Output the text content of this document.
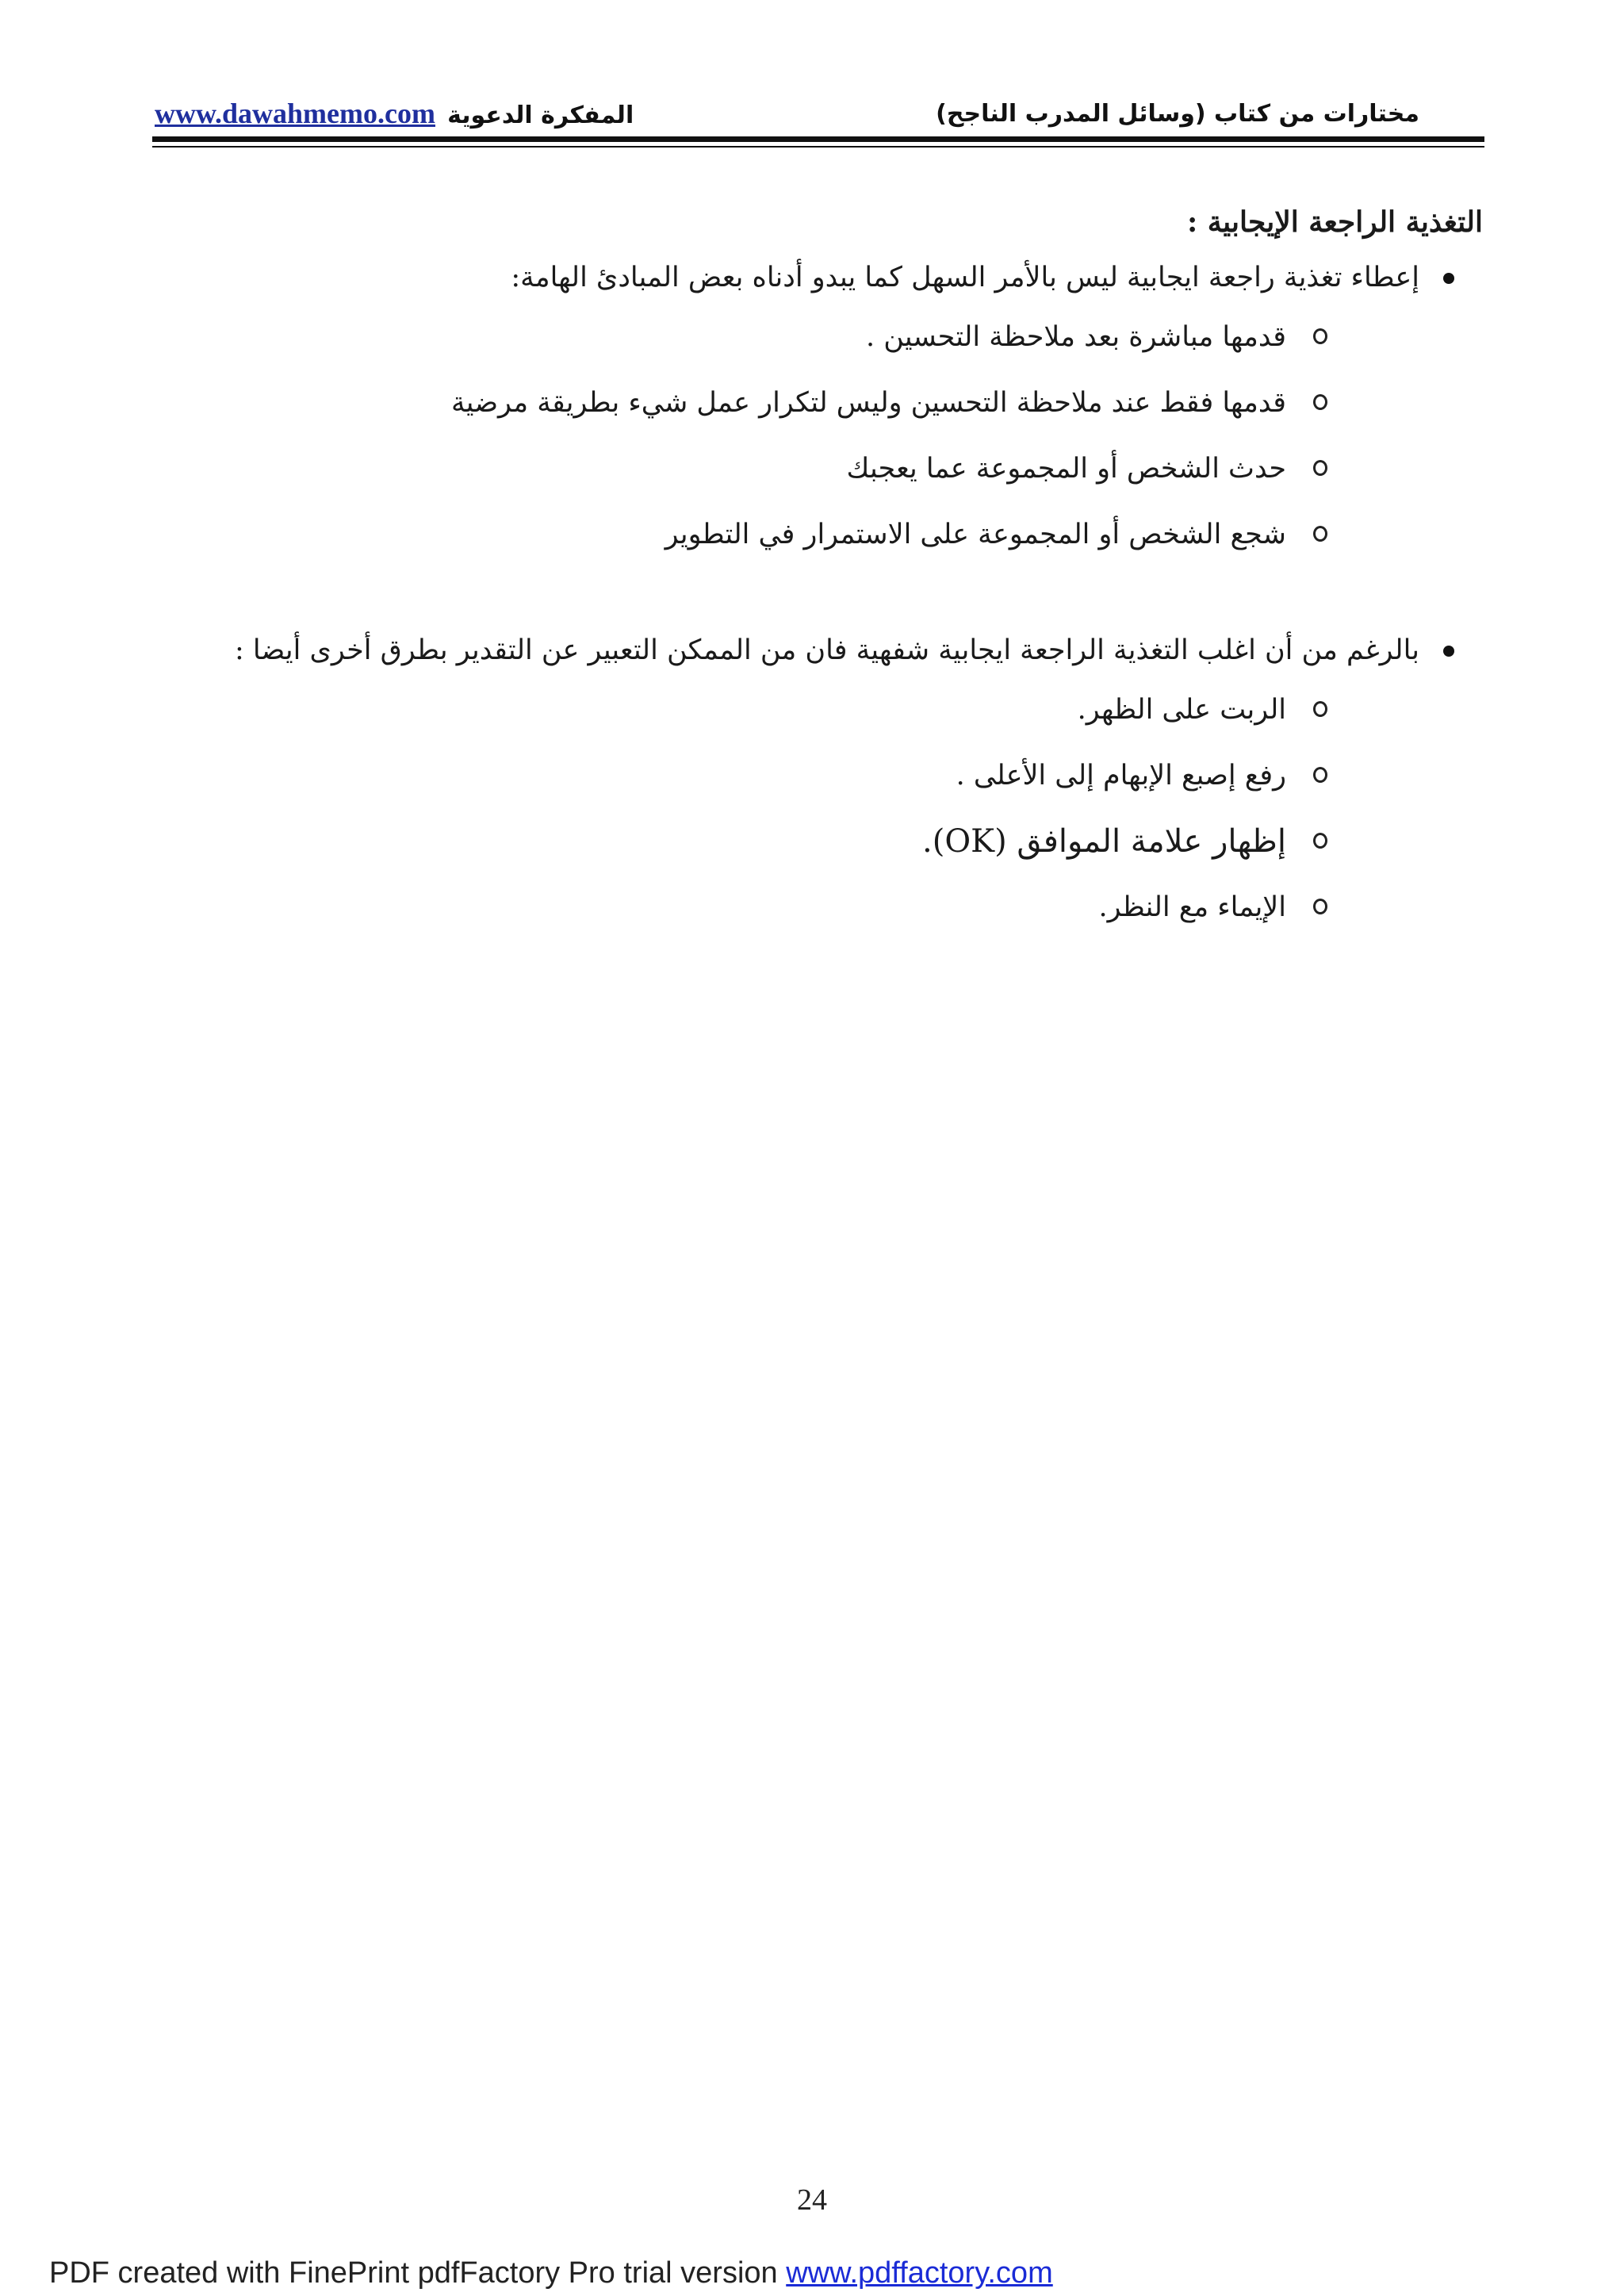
مختارات من كتاب (وسائل المدرب الناجح)
www.dawahmemo.com المفكرة الدعوية
التغذية الراجعة الإيجابية :
إعطاء تغذية راجعة ايجابية ليس بالأمر السهل كما يبدو أدناه بعض المبادئ الهامة:
قدمها مباشرة بعد ملاحظة التحسين .
قدمها فقط عند ملاحظة التحسين وليس لتكرار عمل شيء بطريقة مرضية
حدث الشخص أو المجموعة عما يعجبك
شجع الشخص أو المجموعة على الاستمرار في التطوير
بالرغم من أن اغلب التغذية الراجعة ايجابية شفهية فان من الممكن التعبير عن التقدير بطرق أخرى أيضا :
الربت على الظهر.
رفع إصبع الإبهام إلى الأعلى .
إظهار علامة الموافق (OK).
الإيماء مع النظر.
24
PDF created with FinePrint pdfFactory Pro trial version www.pdffactory.com
